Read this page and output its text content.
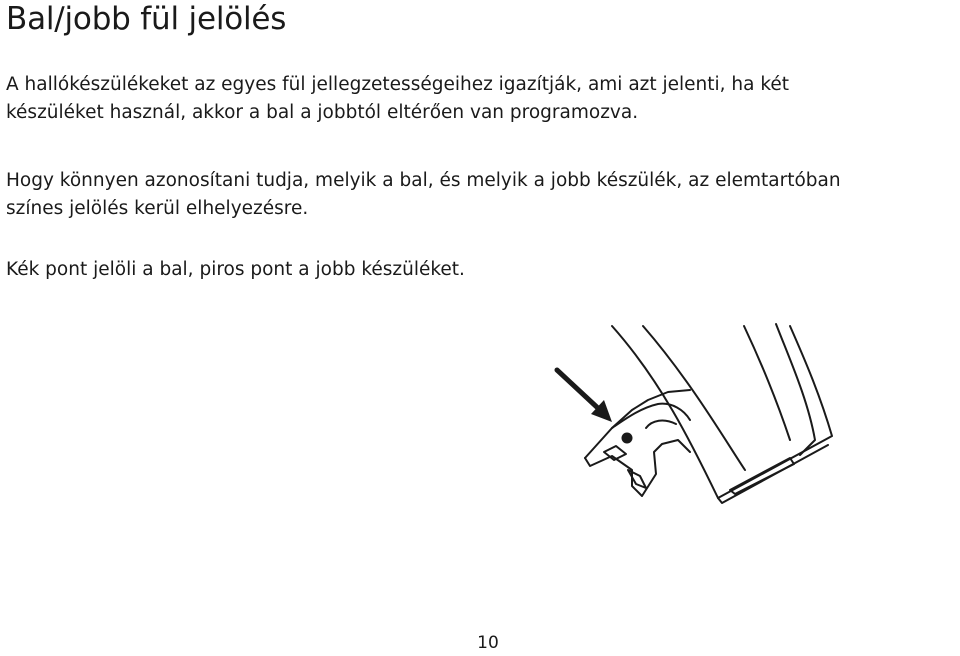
Bal/jobb fül jelölés

A hallókészülékeket az egyes fül jellegzetességeihez igazítják, ami azt jelenti, ha két
készüléket használ, akkor a bal a jobbtól eltérően van programozva.

Hogy könnyen azonosítani tudja, melyik a bal, és melyik a jobb készülék, az elemtartóban
színes jelölés kerül elhelyezésre.

Kék pont jelöli a bal, piros pont a jobb készüléket.

10
